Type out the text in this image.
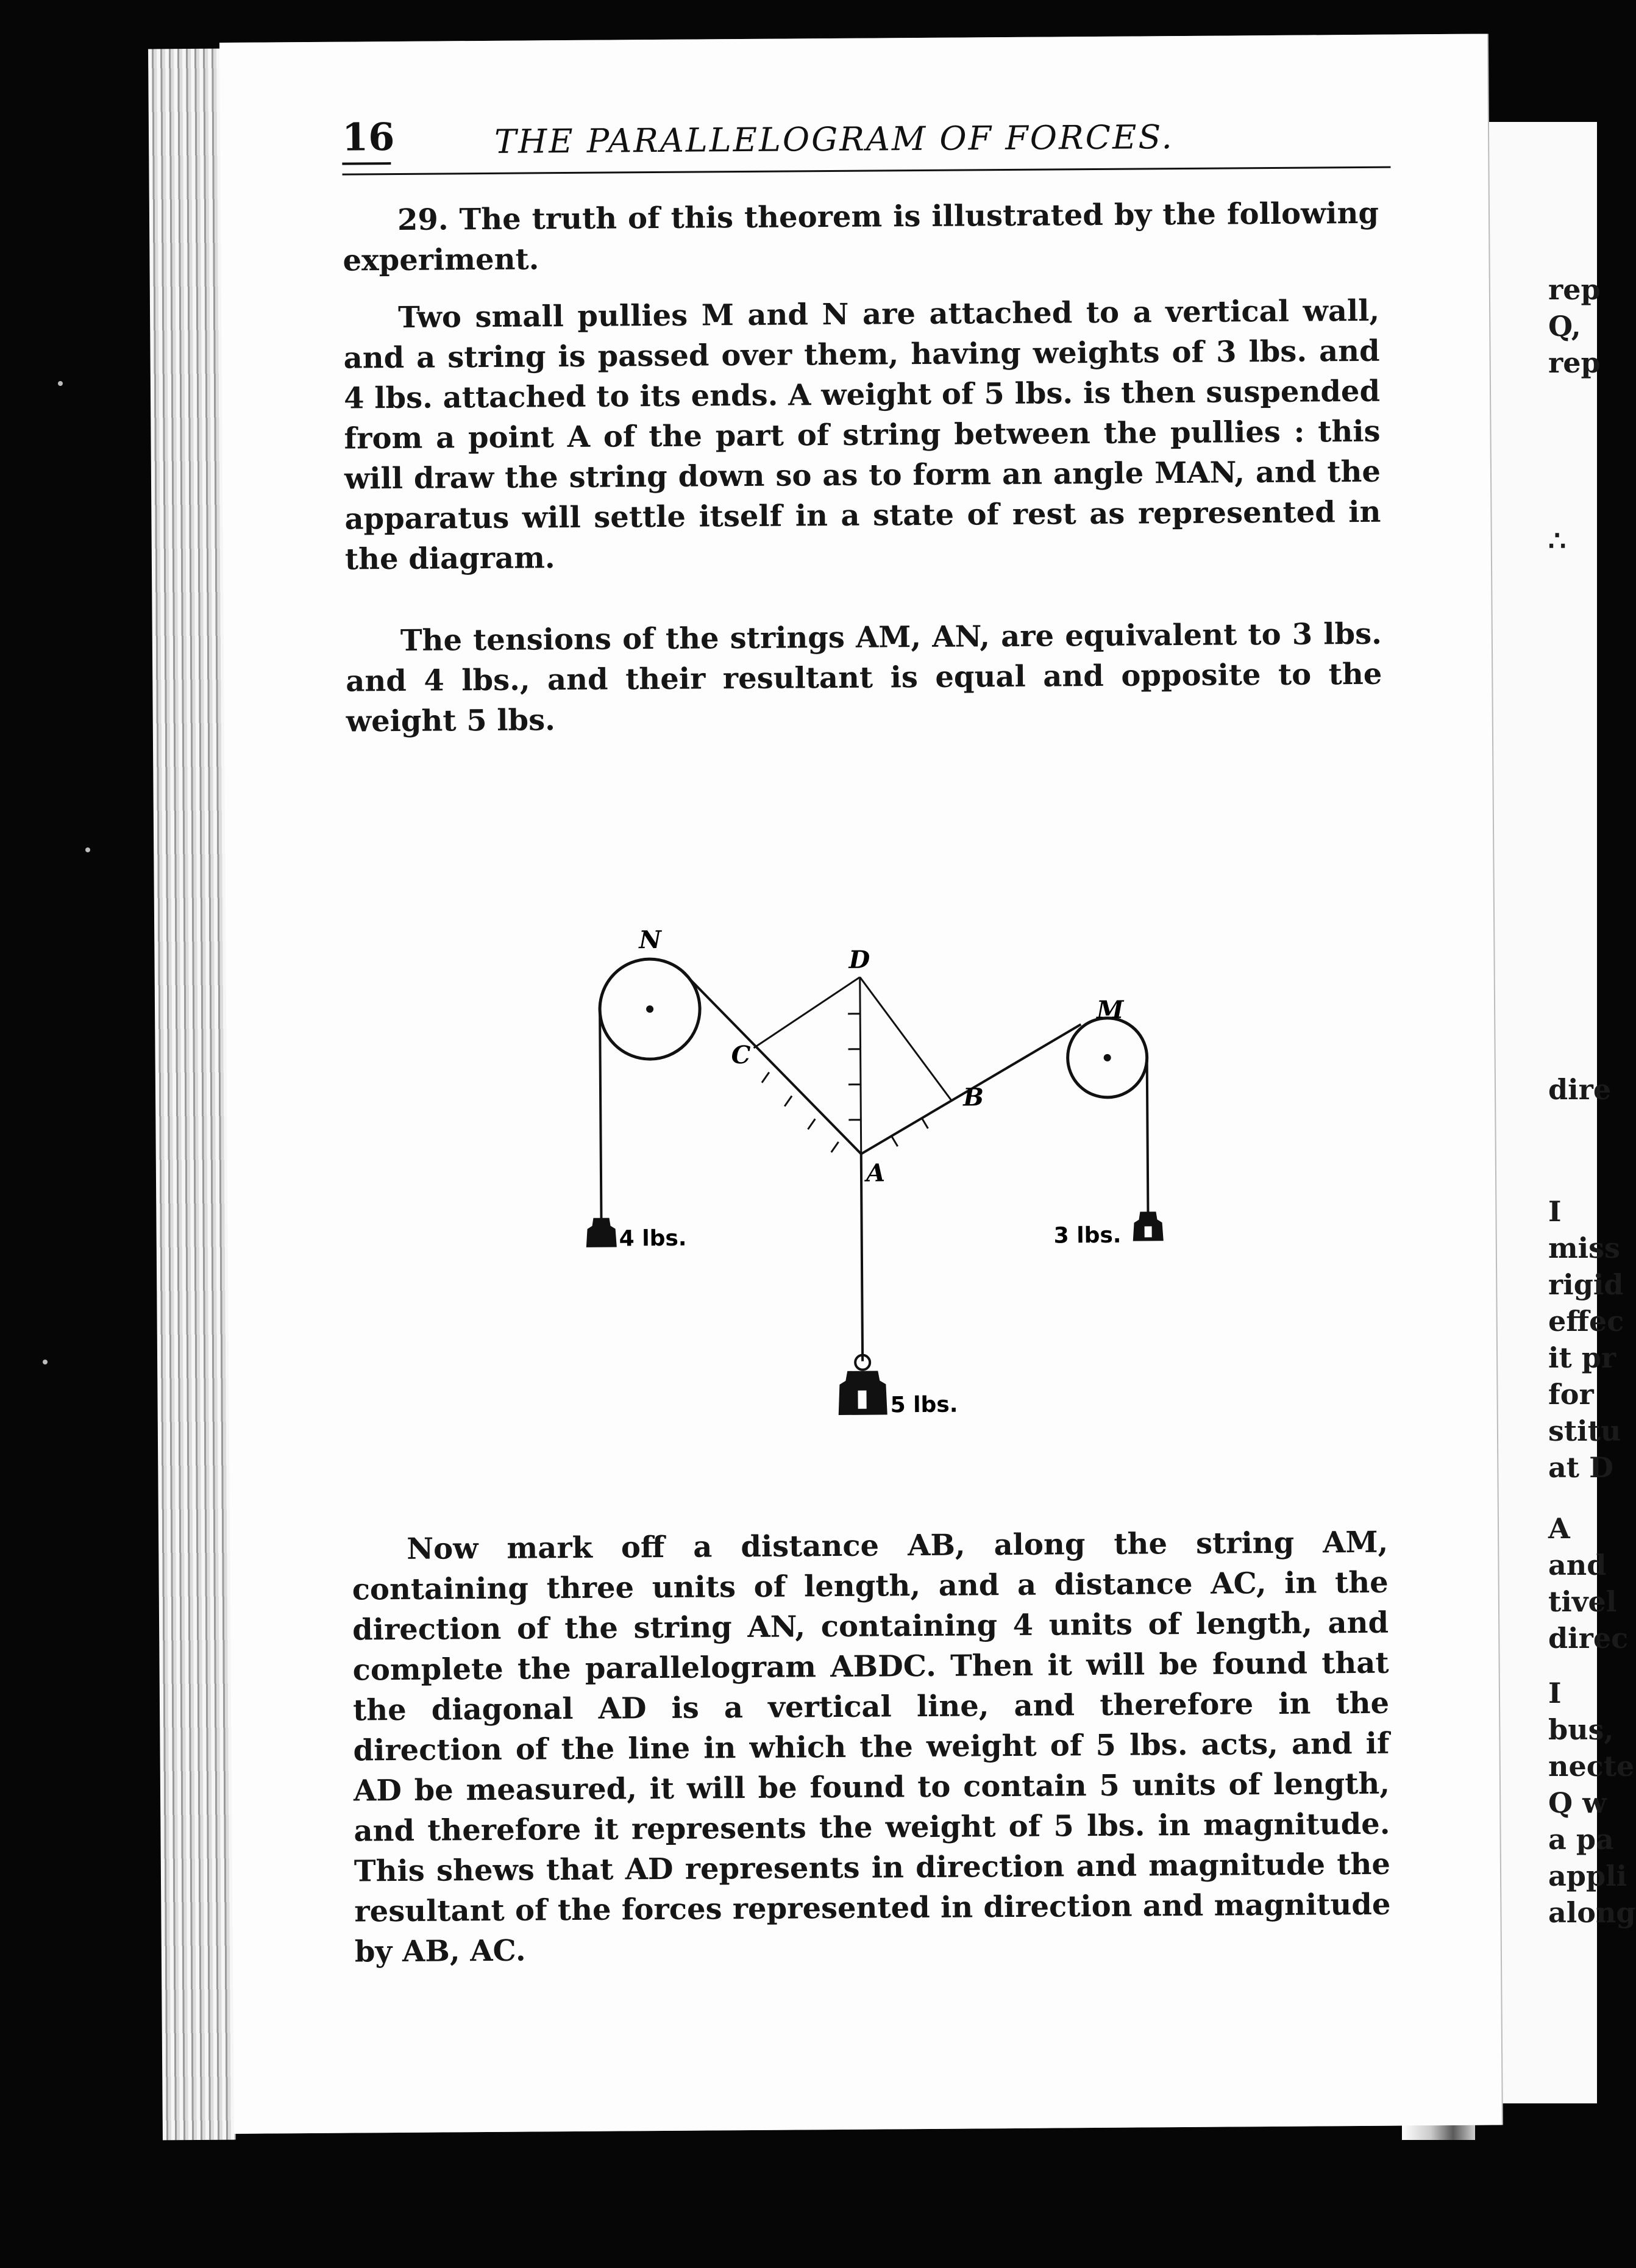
rep
Q,
rep
∴
dire
I
miss
rigid
effec
it pr
for
stitu
at D
A
and
tivel
direc
I
bus,
necte
Q w
a pa
appli
along
16	THE PARALLELOGRAM OF FORCES.

29. The truth of this theorem is illustrated by the following experiment.

Two small pullies M and N are attached to a vertical wall, and a string is passed over them, having weights of 3 lbs. and 4 lbs. attached to its ends. A weight of 5 lbs. is then suspended from a point A of the part of string between the pullies : this will draw the string down so as to form an angle MAN, and the apparatus will settle itself in a state of rest as represented in the diagram.

The tensions of the strings AM, AN, are equivalent to 3 lbs. and 4 lbs., and their resultant is equal and opposite to the weight 5 lbs.

N
M
D
C
B
A
4 lbs.	3 lbs.
5 lbs.

Now mark off a distance AB, along the string AM, containing three units of length, and a distance AC, in the direction of the string AN, containing 4 units of length, and complete the parallelogram ABDC. Then it will be found that the diagonal AD is a vertical line, and therefore in the direction of the line in which the weight of 5 lbs. acts, and if AD be measured, it will be found to contain 5 units of length, and therefore it represents the weight of 5 lbs. in magnitude. This shews that AD represents in direction and magnitude the resultant of the forces represented in direction and magnitude by AB, AC.
